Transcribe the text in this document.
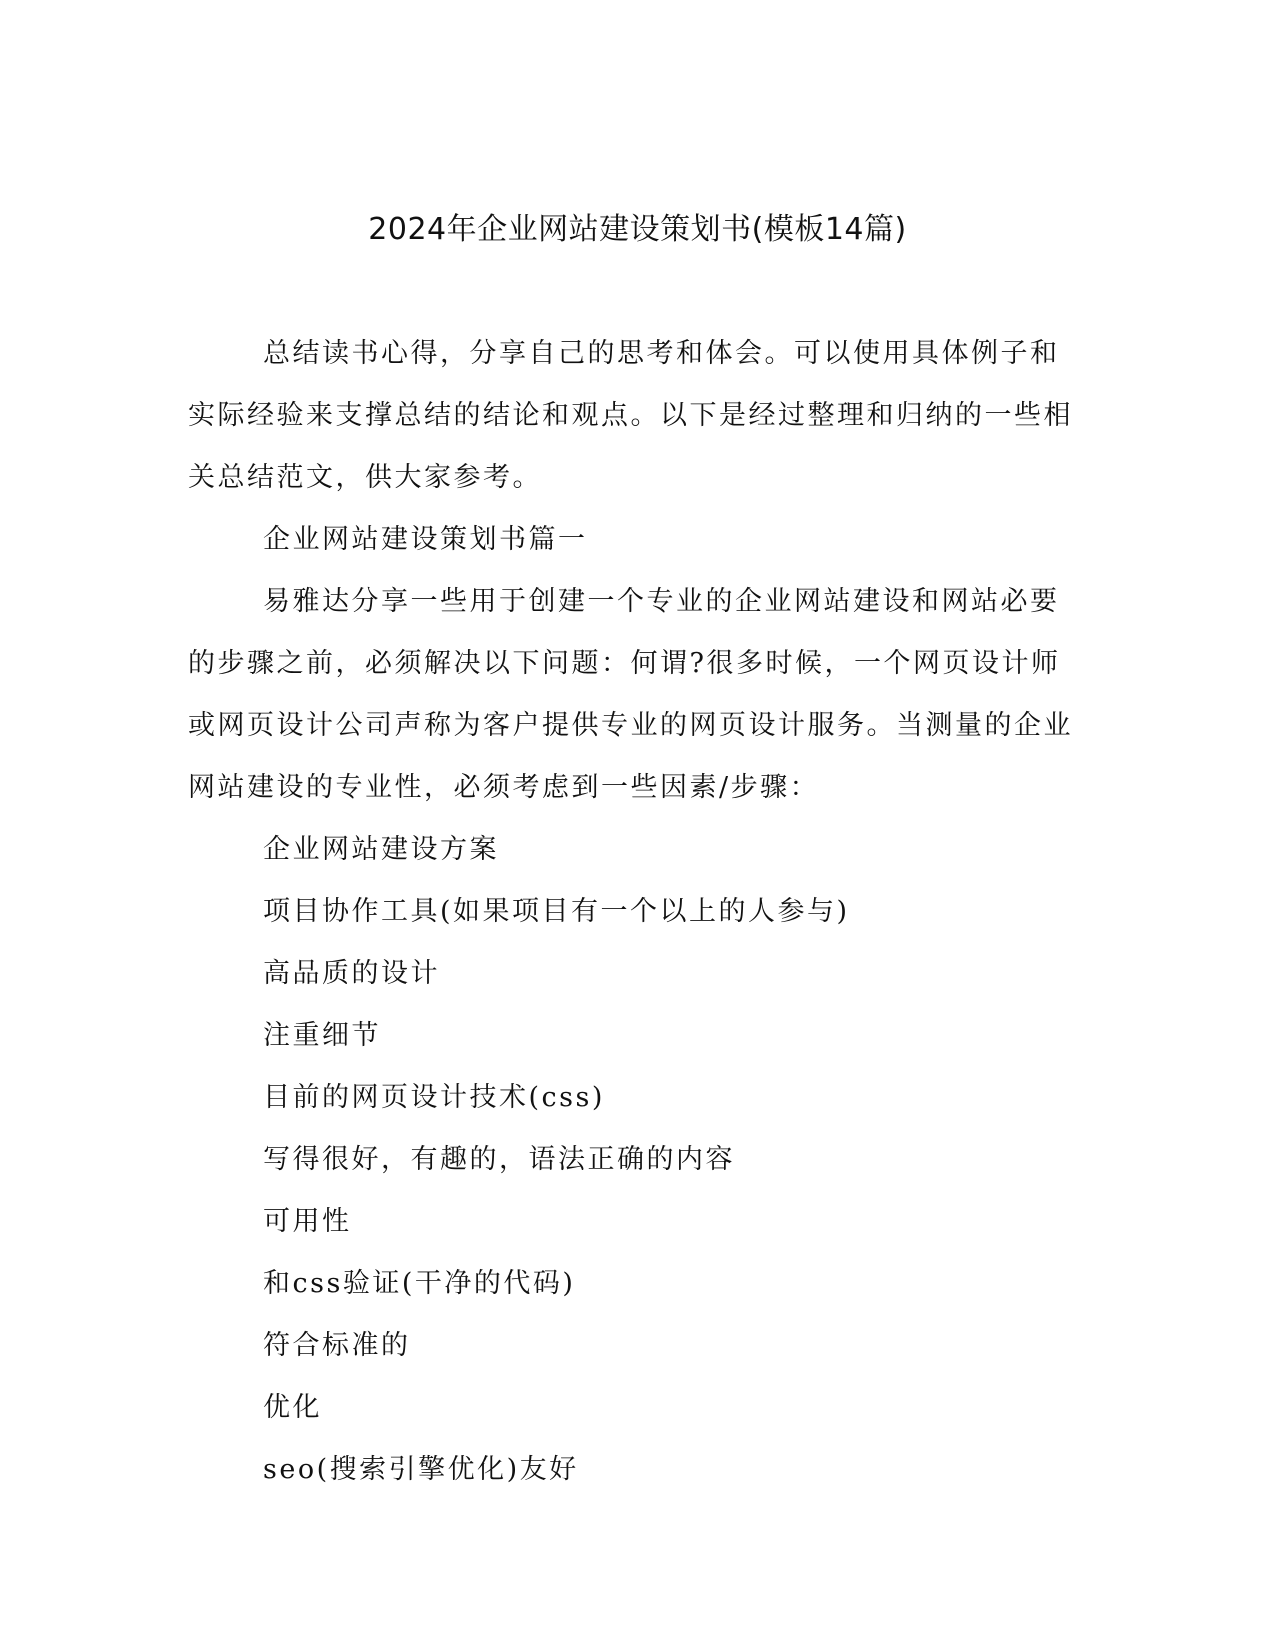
2024年企业网站建设策划书(模板14篇)

总结读书心得，分享自己的思考和体会。可以使用具体例子和实际经验来支撑总结的结论和观点。以下是经过整理和归纳的一些相关总结范文，供大家参考。

企业网站建设策划书篇一

易雅达分享一些用于创建一个专业的企业网站建设和网站必要的步骤之前，必须解决以下问题：何谓?很多时候，一个网页设计师或网页设计公司声称为客户提供专业的网页设计服务。当测量的企业网站建设的专业性，必须考虑到一些因素/步骤：

企业网站建设方案

项目协作工具(如果项目有一个以上的人参与)

高品质的设计

注重细节

目前的网页设计技术(css)

写得很好，有趣的，语法正确的内容

可用性

和css验证(干净的代码)

符合标准的

优化

seo(搜索引擎优化)友好
